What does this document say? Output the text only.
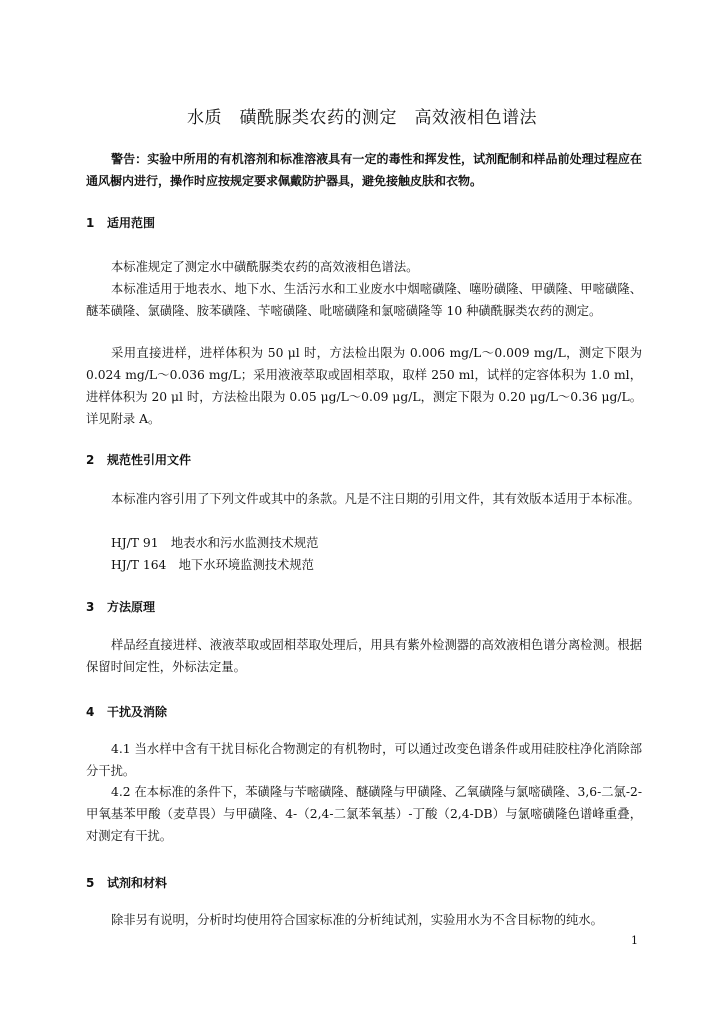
水质　磺酰脲类农药的测定　高效液相色谱法

警告：实验中所用的有机溶剂和标准溶液具有一定的毒性和挥发性，试剂配制和样品前处理过程应在通风橱内进行，操作时应按规定要求佩戴防护器具，避免接触皮肤和衣物。

1 适用范围

本标准规定了测定水中磺酰脲类农药的高效液相色谱法。

本标准适用于地表水、地下水、生活污水和工业废水中烟嘧磺隆、噻吩磺隆、甲磺隆、甲嘧磺隆、醚苯磺隆、氯磺隆、胺苯磺隆、苄嘧磺隆、吡嘧磺隆和氯嘧磺隆等 10 种磺酰脲类农药的测定。

采用直接进样，进样体积为 50 μl 时，方法检出限为 0.006 mg/L～0.009 mg/L，测定下限为 0.024 mg/L～0.036 mg/L；采用液液萃取或固相萃取，取样 250 ml，试样的定容体积为 1.0 ml，进样体积为 20 μl 时，方法检出限为 0.05 μg/L～0.09 μg/L，测定下限为 0.20 μg/L～0.36 μg/L。详见附录 A。

2 规范性引用文件

本标准内容引用了下列文件或其中的条款。凡是不注日期的引用文件，其有效版本适用于本标准。

HJ/T 91　地表水和污水监测技术规范
HJ/T 164　地下水环境监测技术规范
3 方法原理

样品经直接进样、液液萃取或固相萃取处理后，用具有紫外检测器的高效液相色谱分离检测。根据保留时间定性，外标法定量。

4 干扰及消除

4.1 当水样中含有干扰目标化合物测定的有机物时，可以通过改变色谱条件或用硅胶柱净化消除部分干扰。

4.2 在本标准的条件下，苯磺隆与苄嘧磺隆、醚磺隆与甲磺隆、乙氧磺隆与氯嘧磺隆、3,6-二氯-2-甲氧基苯甲酸（麦草畏）与甲磺隆、4-（2,4-二氯苯氧基）-丁酸（2,4-DB）与氯嘧磺隆色谱峰重叠，对测定有干扰。

5 试剂和材料

除非另有说明，分析时均使用符合国家标准的分析纯试剂，实验用水为不含目标物的纯水。

1
